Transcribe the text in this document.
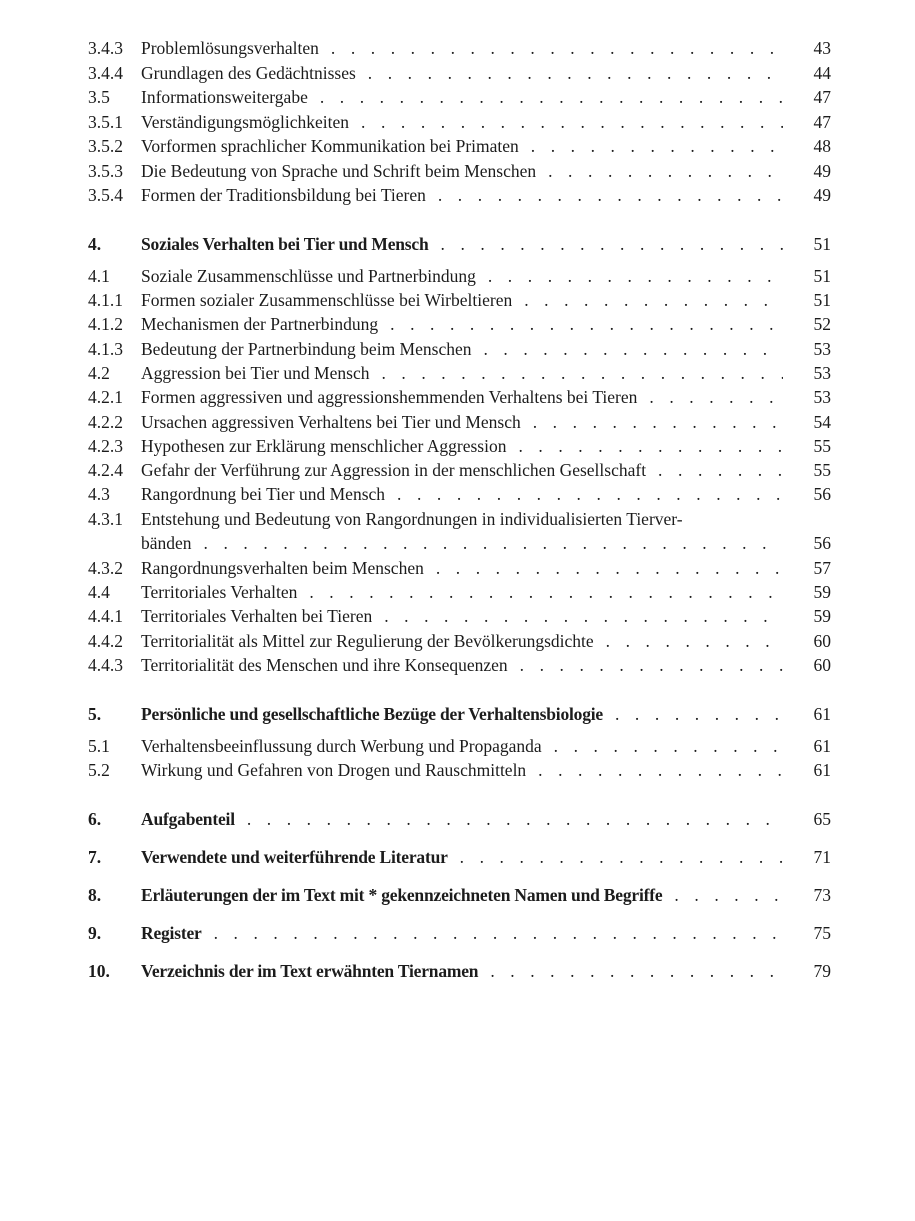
3.4.3 Problemlösungsverhalten . . .	43
3.4.4 Grundlagen des Gedächtnisses . . .	44
3.5 Informationsweitergabe . . .	47
3.5.1 Verständigungsmöglichkeiten . . .	47
3.5.2 Vorformen sprachlicher Kommunikation bei Primaten . . .	48
3.5.3 Die Bedeutung von Sprache und Schrift beim Menschen . . .	49
3.5.4 Formen der Traditionsbildung bei Tieren . . .	49
4. Soziales Verhalten bei Tier und Mensch . . .	51
4.1 Soziale Zusammenschlüsse und Partnerbindung . . .	51
4.1.1 Formen sozialer Zusammenschlüsse bei Wirbeltieren . . .	51
4.1.2 Mechanismen der Partnerbindung . . .	52
4.1.3 Bedeutung der Partnerbindung beim Menschen . . .	53
4.2 Aggression bei Tier und Mensch . . .	53
4.2.1 Formen aggressiven und aggressionshemmenden Verhaltens bei Tieren . . .	53
4.2.2 Ursachen aggressiven Verhaltens bei Tier und Mensch . . .	54
4.2.3 Hypothesen zur Erklärung menschlicher Aggression . . .	55
4.2.4 Gefahr der Verführung zur Aggression in der menschlichen Gesellschaft . . .	55
4.3 Rangordnung bei Tier und Mensch . . .	56
4.3.1 Entstehung und Bedeutung von Rangordnungen in individualisierten Tierver-
bänden . . .	56
4.3.2 Rangordnungsverhalten beim Menschen . . .	57
4.4 Territoriales Verhalten . . .	59
4.4.1 Territoriales Verhalten bei Tieren . . .	59
4.4.2 Territorialität als Mittel zur Regulierung der Bevölkerungsdichte . . .	60
4.4.3 Territorialität des Menschen und ihre Konsequenzen . . .	60
5. Persönliche und gesellschaftliche Bezüge der Verhaltensbiologie . . .	61
5.1 Verhaltensbeeinflussung durch Werbung und Propaganda . . .	61
5.2 Wirkung und Gefahren von Drogen und Rauschmitteln . . .	61
6. Aufgabenteil . . .	65
7. Verwendete und weiterführende Literatur . . .	71
8. Erläuterungen der im Text mit * gekennzeichneten Namen und Begriffe . . .	73
9. Register . . .	75
10. Verzeichnis der im Text erwähnten Tiernamen . . .	79
